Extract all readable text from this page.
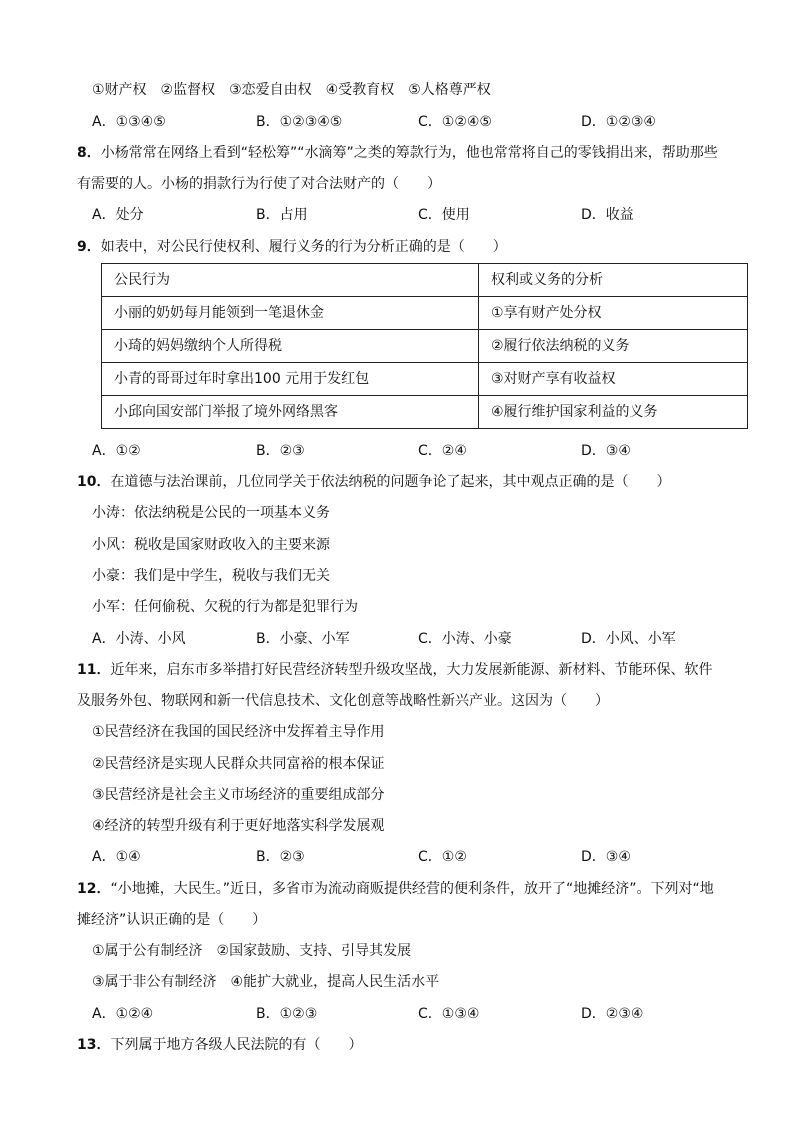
①财产权　②监督权　③恋爱自由权　④受教育权　⑤人格尊严权
A．①③④⑤	B．①②③④⑤	C．①②④⑤	D．①②③④
8．小杨常常在网络上看到“轻松筹”“水滴筹”之类的筹款行为，他也常常将自己的零钱捐出来，帮助那些
有需要的人。小杨的捐款行为行使了对合法财产的（　　）
A．处分	B．占用	C．使用	D．收益
9．如表中，对公民行使权利、履行义务的行为分析正确的是（　　）
公民行为	权利或义务的分析
小丽的奶奶每月能领到一笔退休金	①享有财产处分权
小琦的妈妈缴纳个人所得税	②履行依法纳税的义务
小青的哥哥过年时拿出100 元用于发红包	③对财产享有收益权
小邱向国安部门举报了境外网络黑客	④履行维护国家利益的义务
A．①②	B．②③	C．②④	D．③④
10．在道德与法治课前，几位同学关于依法纳税的问题争论了起来，其中观点正确的是（　　）
小涛：依法纳税是公民的一项基本义务
小风：税收是国家财政收入的主要来源
小豪：我们是中学生，税收与我们无关
小军：任何偷税、欠税的行为都是犯罪行为
A．小涛、小风	B．小豪、小军	C．小涛、小豪	D．小风、小军
11．近年来，启东市多举措打好民营经济转型升级攻坚战，大力发展新能源、新材料、节能环保、软件
及服务外包、物联网和新一代信息技术、文化创意等战略性新兴产业。这因为（　　）
①民营经济在我国的国民经济中发挥着主导作用
②民营经济是实现人民群众共同富裕的根本保证
③民营经济是社会主义市场经济的重要组成部分
④经济的转型升级有利于更好地落实科学发展观
A．①④	B．②③	C．①②	D．③④
12．“小地摊，大民生。”近日，多省市为流动商贩提供经营的便利条件，放开了“地摊经济”。下列对“地
摊经济”认识正确的是（　　）
①属于公有制经济　②国家鼓励、支持、引导其发展
③属于非公有制经济　④能扩大就业，提高人民生活水平
A．①②④	B．①②③	C．①③④	D．②③④
13．下列属于地方各级人民法院的有（　　）
